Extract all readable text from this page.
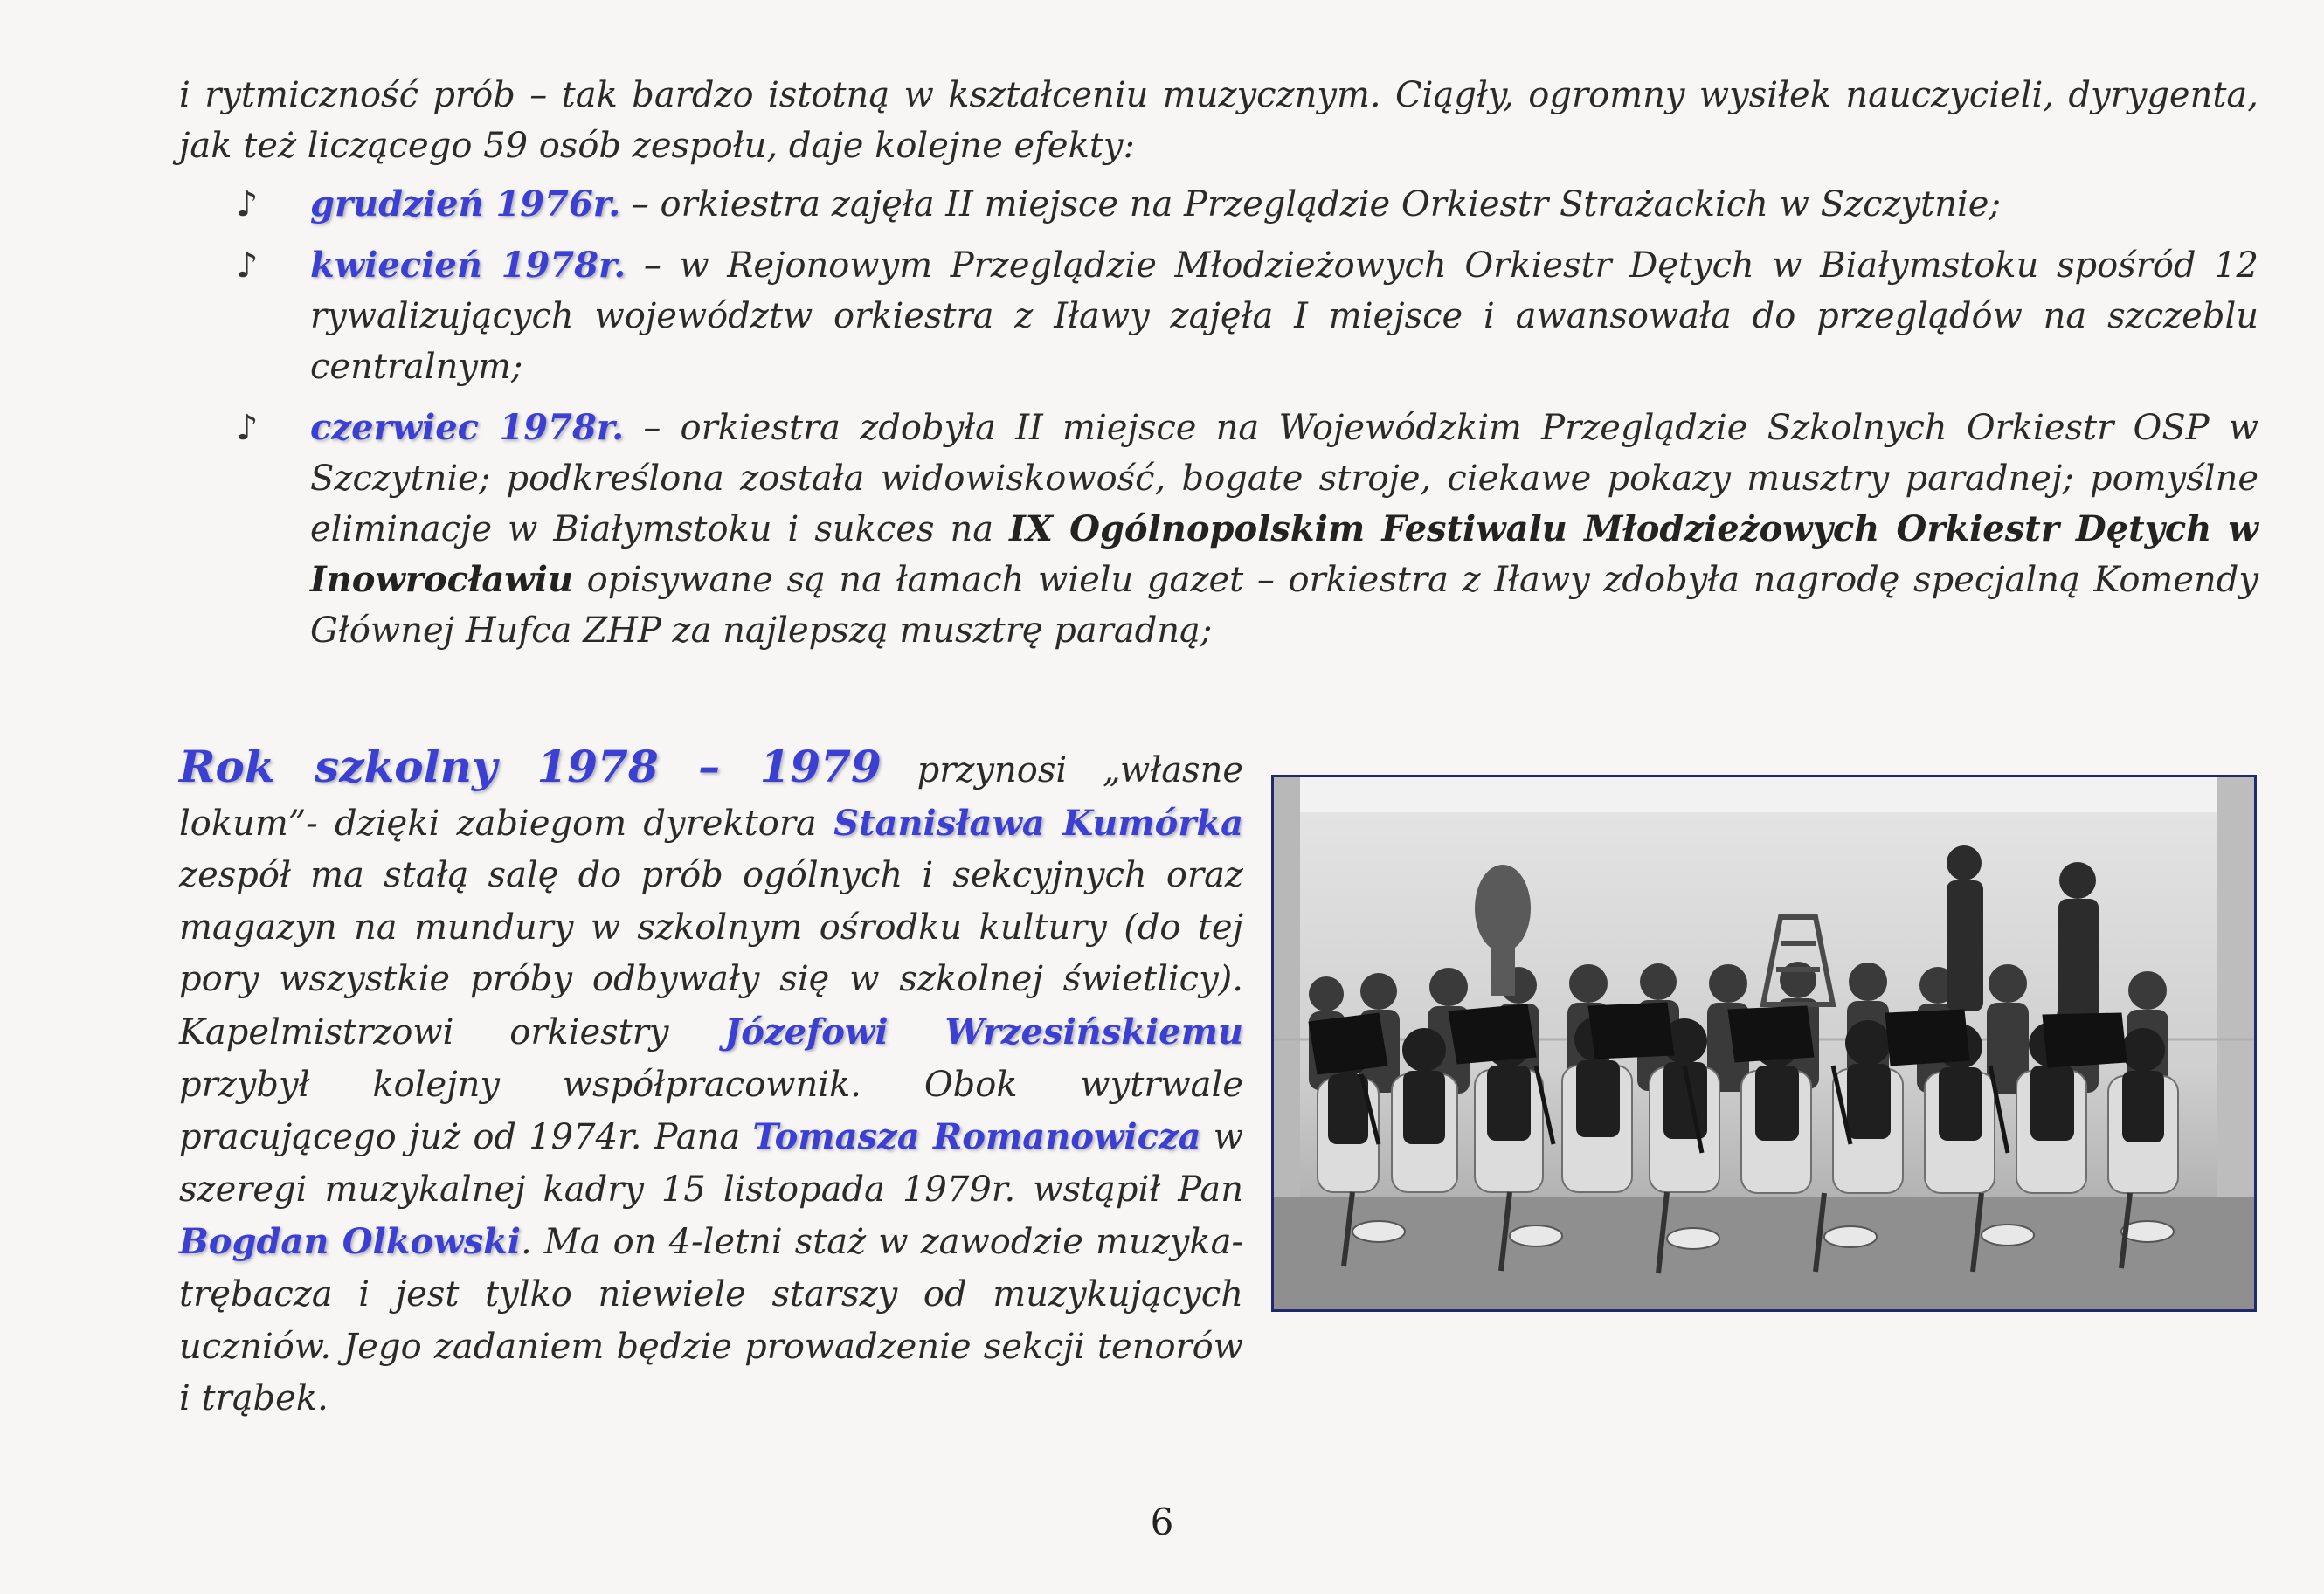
i rytmiczność prób – tak bardzo istotną w kształceniu muzycznym. Ciągły, ogromny wysiłek nauczycieli, dyrygenta, jak też liczącego 59 osób zespołu, daje kolejne efekty:

♪ grudzień 1976r. – orkiestra zajęła II miejsce na Przeglądzie Orkiestr Strażackich w Szczytnie;
♪ kwiecień 1978r. – w Rejonowym Przeglądzie Młodzieżowych Orkiestr Dętych w Białymstoku spośród 12 rywalizujących województw orkiestra z Iławy zajęła I miejsce i awansowała do przeglądów na szczeblu centralnym;
♪ czerwiec 1978r. – orkiestra zdobyła II miejsce na Wojewódzkim Przeglądzie Szkolnych Orkiestr OSP w Szczytnie; podkreślona została widowiskowość, bogate stroje, ciekawe pokazy musztry paradnej; pomyślne eliminacje w Białymstoku i sukces na IX Ogólnopolskim Festiwalu Młodzieżowych Orkiestr Dętych w Inowrocławiu opisywane są na łamach wielu gazet – orkiestra z Iławy zdobyła nagrodę specjalną Komendy Głównej Hufca ZHP za najlepszą musztrę paradną;

Rok szkolny 1978 – 1979 przynosi „własne lokum”- dzięki zabiegom dyrektora Stanisława Kumórka zespół ma stałą salę do prób ogólnych i sekcyjnych oraz magazyn na mundury w szkolnym ośrodku kultury (do tej pory wszystkie próby odbywały się w szkolnej świetlicy). Kapelmistrzowi orkiestry Józefowi Wrzesińskiemu przybył kolejny współpracownik. Obok wytrwale pracującego już od 1974r. Pana Tomasza Romanowicza w szeregi muzykalnej kadry 15 listopada 1979r. wstąpił Pan Bogdan Olkowski. Ma on 4-letni staż w zawodzie muzyka-trębacza i jest tylko niewiele starszy od muzykujących uczniów. Jego zadaniem będzie prowadzenie sekcji tenorów i trąbek.

6
